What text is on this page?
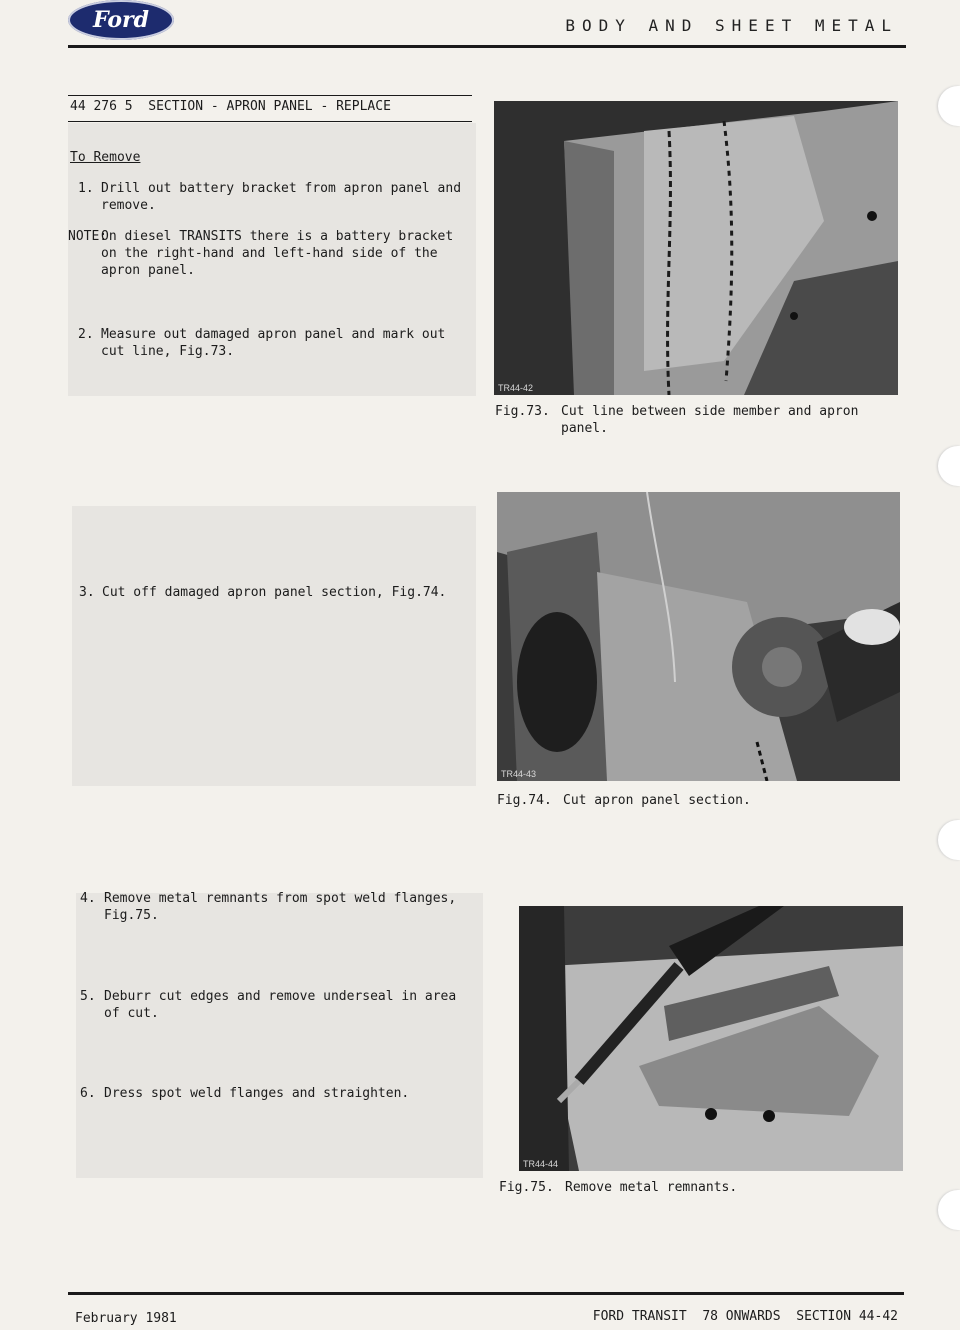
Ford	BODY AND SHEET METAL
44 276 5  SECTION - APRON PANEL - REPLACE
To Remove
1. Drill out battery bracket from apron panel and remove.
NOTE:
On diesel TRANSITS there is a battery bracket on the right-hand and left-hand side of the apron panel.
2. Measure out damaged apron panel and mark out cut line, Fig.73.
3. Cut off damaged apron panel section, Fig.74.
4. Remove metal remnants from spot weld flanges, Fig.75.
5. Deburr cut edges and remove underseal in area of cut.
6. Dress spot weld flanges and straighten.
TR44-42
Fig.73. Cut line between side member and apron panel.
TR44-43
Fig.74. Cut apron panel section.
TR44-44
Fig.75. Remove metal remnants.
February 1981	FORD TRANSIT  78 ONWARDS  SECTION 44-42
